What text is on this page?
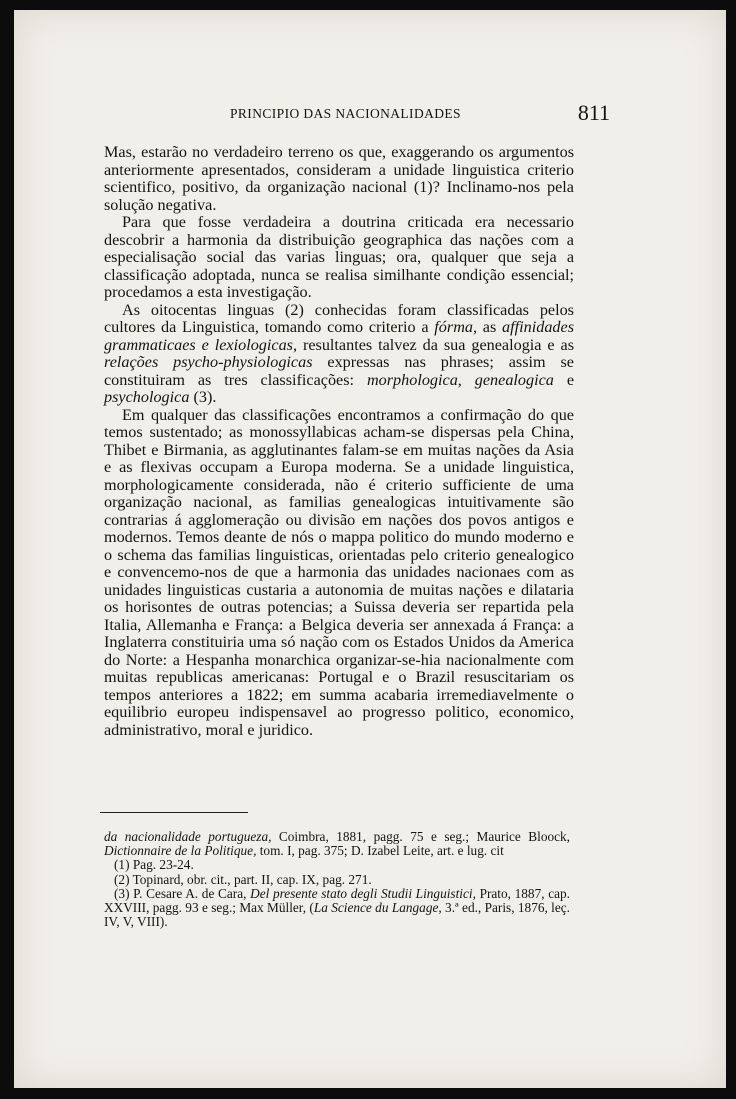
PRINCIPIO DAS NACIONALIDADES	811

Mas, estarão no verdadeiro terreno os que, exaggerando os argumentos anteriormente apresentados, consideram a unidade linguistica criterio scientifico, positivo, da organização nacional (1)? Inclinamo-nos pela solução negativa.

Para que fosse verdadeira a doutrina criticada era necessario descobrir a harmonia da distribuição geographica das nações com a especialisação social das varias linguas; ora, qualquer que seja a classificação adoptada, nunca se realisa similhante condição essencial; procedamos a esta investigação.

As oitocentas linguas (2) conhecidas foram classificadas pelos cultores da Linguistica, tomando como criterio a fórma, as affinidades grammaticaes e lexiologicas, resultantes talvez da sua genealogia e as relações psycho-physiologicas expressas nas phrases; assim se constituiram as tres classificações: morphologica, genealogica e psychologica (3).

Em qualquer das classificações encontramos a confirmação do que temos sustentado; as monossyllabicas acham-se dispersas pela China, Thibet e Birmania, as agglutinantes falam-se em muitas nações da Asia e as flexivas occupam a Europa moderna. Se a unidade linguistica, morphologicamente considerada, não é criterio sufficiente de uma organização nacional, as familias genealogicas intuitivamente são contrarias á agglomeração ou divisão em nações dos povos antigos e modernos. Temos deante de nós o mappa politico do mundo moderno e o schema das familias linguisticas, orientadas pelo criterio genealogico e convencemo-nos de que a harmonia das unidades nacionaes com as unidades linguisticas custaria a autonomia de muitas nações e dilataria os horisontes de outras potencias; a Suissa deveria ser repartida pela Italia, Allemanha e França: a Belgica deveria ser annexada á França: a Inglaterra constituiria uma só nação com os Estados Unidos da America do Norte: a Hespanha monarchica organizar-se-hia nacionalmente com muitas republicas americanas: Portugal e o Brazil resuscitariam os tempos anteriores a 1822; em summa acabaria irremediavelmente o equilibrio europeu indispensavel ao progresso politico, economico, administrativo, moral e juridico.

da nacionalidade portugueza, Coimbra, 1881, pagg. 75 e seg.; Maurice Bloock, Dictionnaire de la Politique, tom. I, pag. 375; D. Izabel Leite, art. e lug. cit

(1) Pag. 23-24.

(2) Topinard, obr. cit., part. II, cap. IX, pag. 271.

(3) P. Cesare A. de Cara, Del presente stato degli Studii Linguistici, Prato, 1887, cap. XXVIII, pagg. 93 e seg.; Max Müller, (La Science du Langage, 3.ª ed., Paris, 1876, leç. IV, V, VIII).
